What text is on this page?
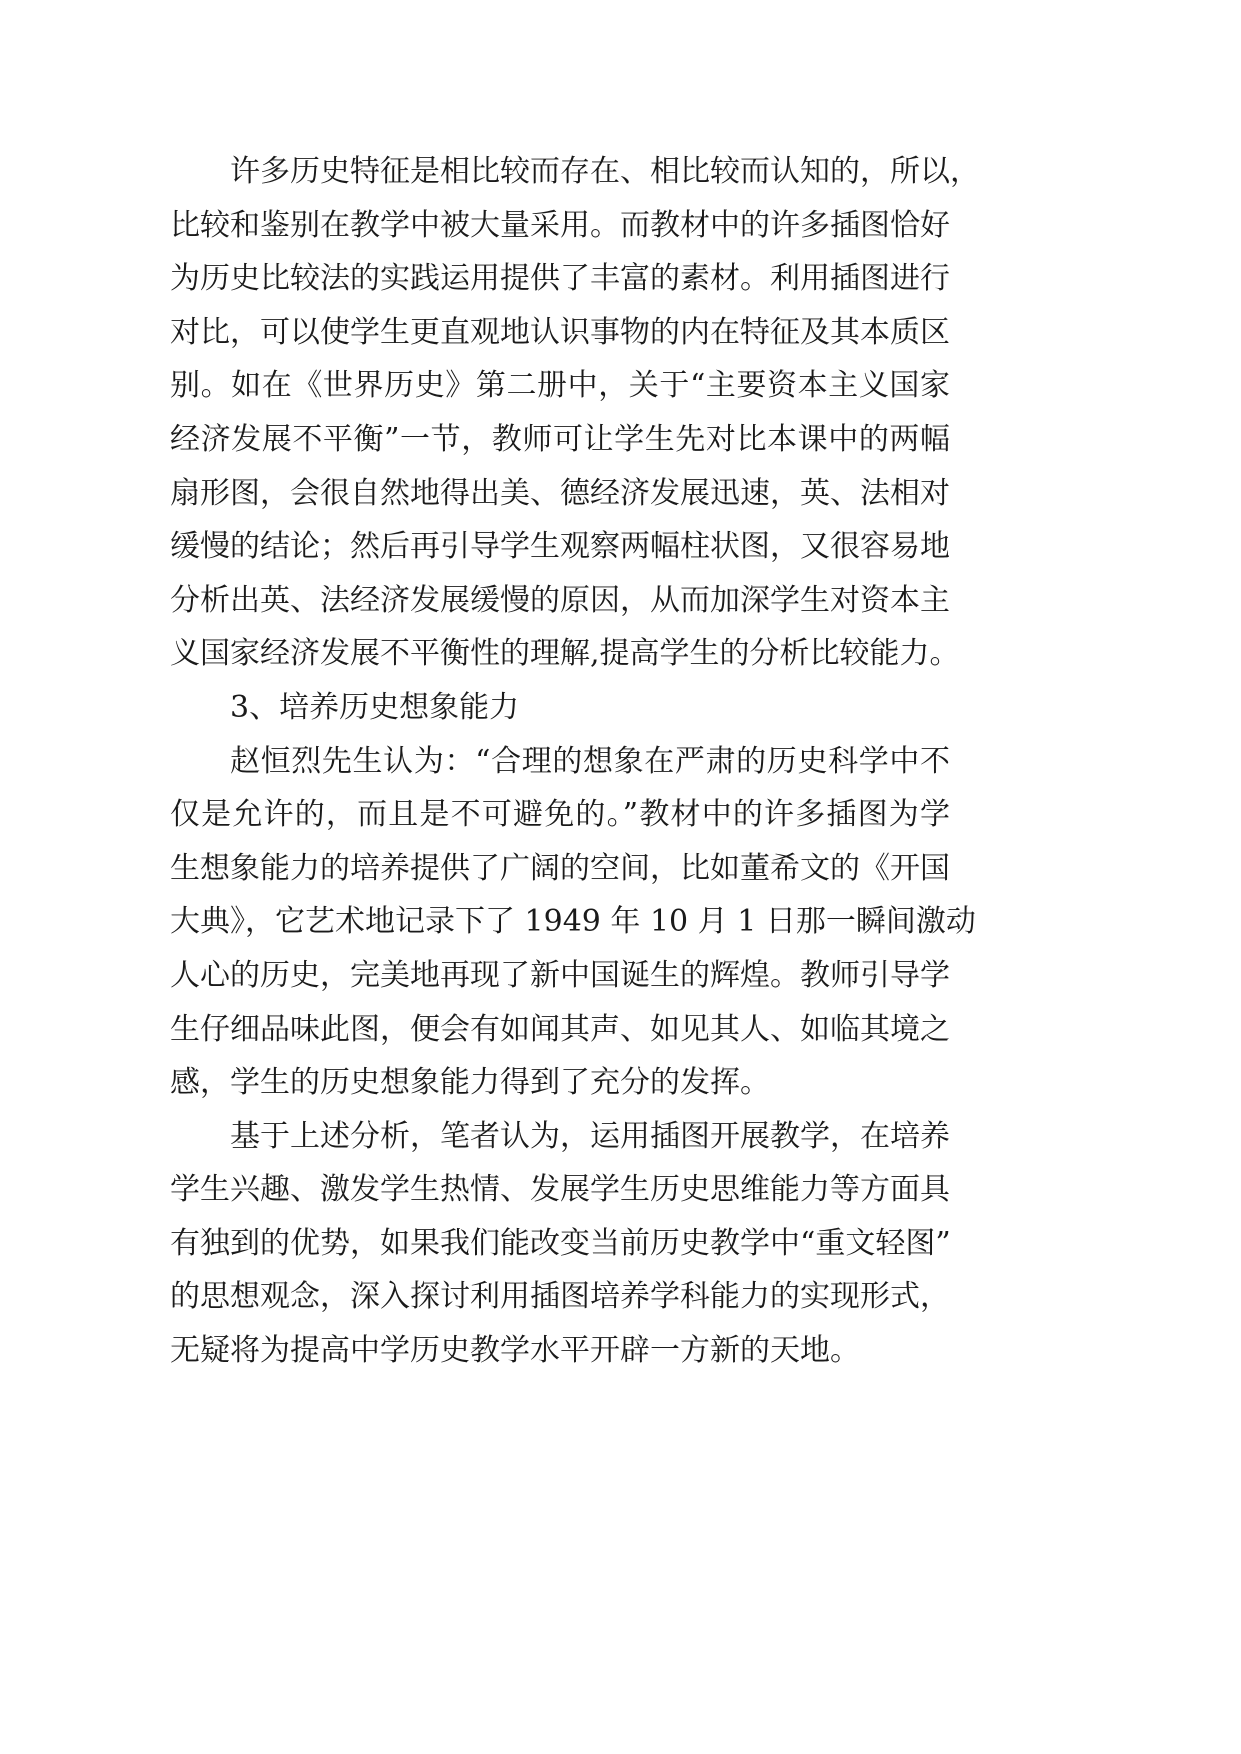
许多历史特征是相比较而存在、相比较而认知的，所以，
比较和鉴别在教学中被大量采用。而教材中的许多插图恰好
为历史比较法的实践运用提供了丰富的素材。利用插图进行
对比，可以使学生更直观地认识事物的内在特征及其本质区
别。如在《世界历史》第二册中，关于“主要资本主义国家
经济发展不平衡”一节，教师可让学生先对比本课中的两幅
扇形图，会很自然地得出美、德经济发展迅速，英、法相对
缓慢的结论；然后再引导学生观察两幅柱状图，又很容易地
分析出英、法经济发展缓慢的原因，从而加深学生对资本主
义国家经济发展不平衡性的理解,提高学生的分析比较能力。
3、培养历史想象能力
赵恒烈先生认为：“合理的想象在严肃的历史科学中不
仅是允许的，而且是不可避免的。”教材中的许多插图为学
生想象能力的培养提供了广阔的空间，比如董希文的《开国
大典》，它艺术地记录下了 1949 年 10 月 1 日那一瞬间激动
人心的历史，完美地再现了新中国诞生的辉煌。教师引导学
生仔细品味此图，便会有如闻其声、如见其人、如临其境之
感，学生的历史想象能力得到了充分的发挥。
基于上述分析，笔者认为，运用插图开展教学，在培养
学生兴趣、激发学生热情、发展学生历史思维能力等方面具
有独到的优势，如果我们能改变当前历史教学中“重文轻图”
的思想观念，深入探讨利用插图培养学科能力的实现形式，
无疑将为提高中学历史教学水平开辟一方新的天地。
